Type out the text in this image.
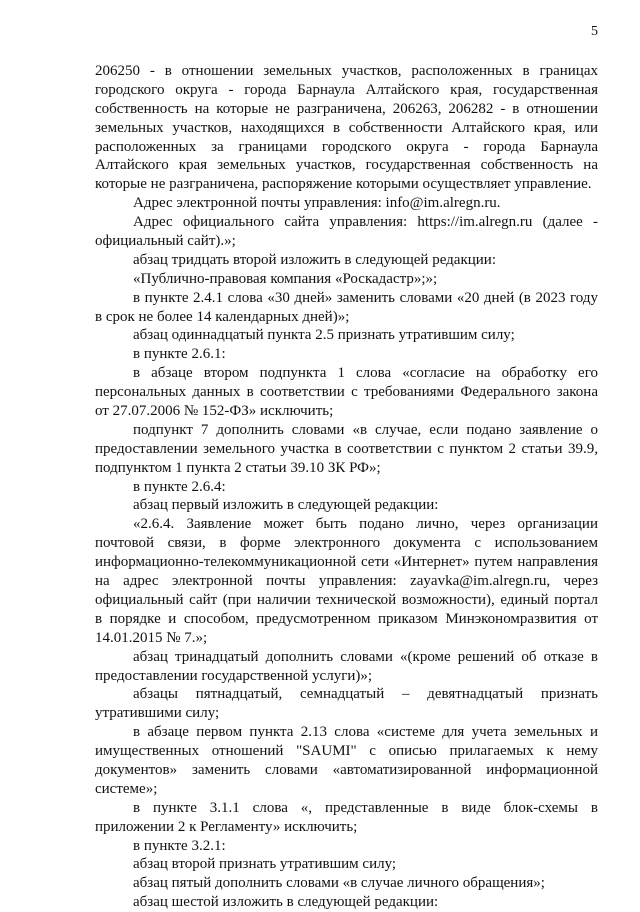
5
206250 - в отношении земельных участков, расположенных в границах
городского округа - города Барнаула Алтайского края, государственная
собственность на которые не разграничена, 206263, 206282 - в отношении
земельных участков, находящихся в собственности Алтайского края, или
расположенных за границами городского округа - города Барнаула
Алтайского края земельных участков, государственная собственность на
которые не разграничена, распоряжение которыми осуществляет управление.
Адрес электронной почты управления: info@im.alregn.ru.
Адрес официального сайта управления: https://im.alregn.ru (далее -
официальный сайт).»;
абзац тридцать второй изложить в следующей редакции:
«Публично-правовая компания «Роскадастр»;»;
в пункте 2.4.1 слова «30 дней» заменить словами «20 дней (в 2023 году
в срок не более 14 календарных дней)»;
абзац одиннадцатый пункта 2.5 признать утратившим силу;
в пункте 2.6.1:
в абзаце втором подпункта 1 слова «согласие на обработку его
персональных данных в соответствии с требованиями Федерального закона
от 27.07.2006 № 152-ФЗ» исключить;
подпункт 7 дополнить словами «в случае, если подано заявление о
предоставлении земельного участка в соответствии с пунктом 2 статьи 39.9,
подпунктом 1 пункта 2 статьи 39.10 ЗК РФ»;
в пункте 2.6.4:
абзац первый изложить в следующей редакции:
«2.6.4. Заявление может быть подано лично, через организации
почтовой связи, в форме электронного документа с использованием
информационно-телекоммуникационной сети «Интернет» путем направления
на адрес электронной почты управления: zayavka@im.alregn.ru, через
официальный сайт (при наличии технической возможности), единый портал
в порядке и способом, предусмотренном приказом Минэкономразвития от
14.01.2015 № 7.»;
абзац тринадцатый дополнить словами «(кроме решений об отказе в
предоставлении государственной услуги)»;
абзацы пятнадцатый, семнадцатый – девятнадцатый признать
утратившими силу;
в абзаце первом пункта 2.13 слова «системе для учета земельных и
имущественных отношений "SAUMI" с описью прилагаемых к нему
документов» заменить словами «автоматизированной информационной
системе»;
в пункте 3.1.1 слова «, представленные в виде блок-схемы в
приложении 2 к Регламенту» исключить;
в пункте 3.2.1:
абзац второй признать утратившим силу;
абзац пятый дополнить словами «в случае личного обращения»;
абзац шестой изложить в следующей редакции:
